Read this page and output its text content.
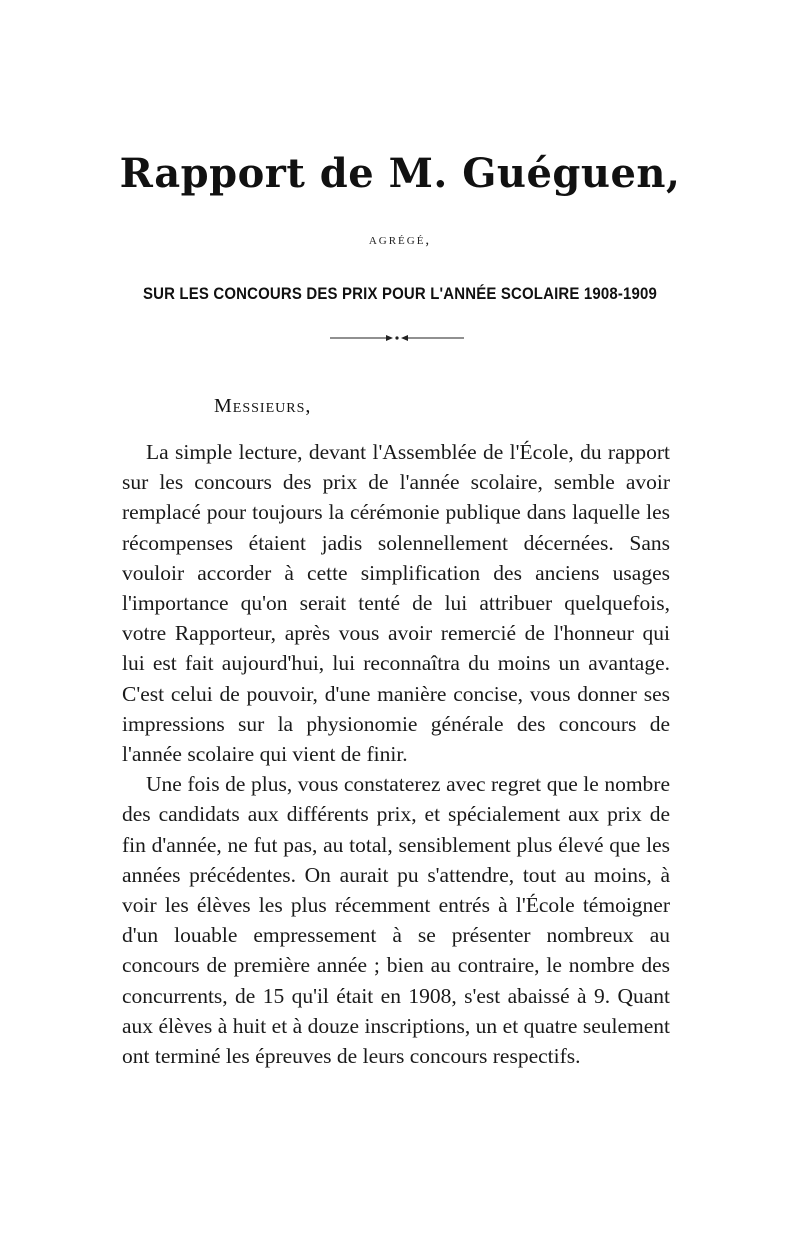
Rapport de M. Guéguen,
agrégé,
SUR LES CONCOURS DES PRIX POUR L'ANNÉE SCOLAIRE 1908-1909
Messieurs,

La simple lecture, devant l'Assemblée de l'École, du rapport sur les concours des prix de l'année scolaire, semble avoir remplacé pour toujours la cérémonie publique dans laquelle les récompenses étaient jadis solennellement décernées. Sans vouloir accorder à cette simplification des anciens usages l'importance qu'on serait tenté de lui attribuer quelquefois, votre Rapporteur, après vous avoir remercié de l'honneur qui lui est fait aujourd'hui, lui reconnaîtra du moins un avantage. C'est celui de pouvoir, d'une manière concise, vous donner ses impressions sur la physionomie générale des concours de l'année scolaire qui vient de finir.

Une fois de plus, vous constaterez avec regret que le nombre des candidats aux différents prix, et spécialement aux prix de fin d'année, ne fut pas, au total, sensiblement plus élevé que les années précédentes. On aurait pu s'attendre, tout au moins, à voir les élèves les plus récemment entrés à l'École témoigner d'un louable empressement à se présenter nombreux au concours de première année ; bien au contraire, le nombre des concurrents, de 15 qu'il était en 1908, s'est abaissé à 9. Quant aux élèves à huit et à douze inscriptions, un et quatre seulement ont terminé les épreuves de leurs concours respectifs.
